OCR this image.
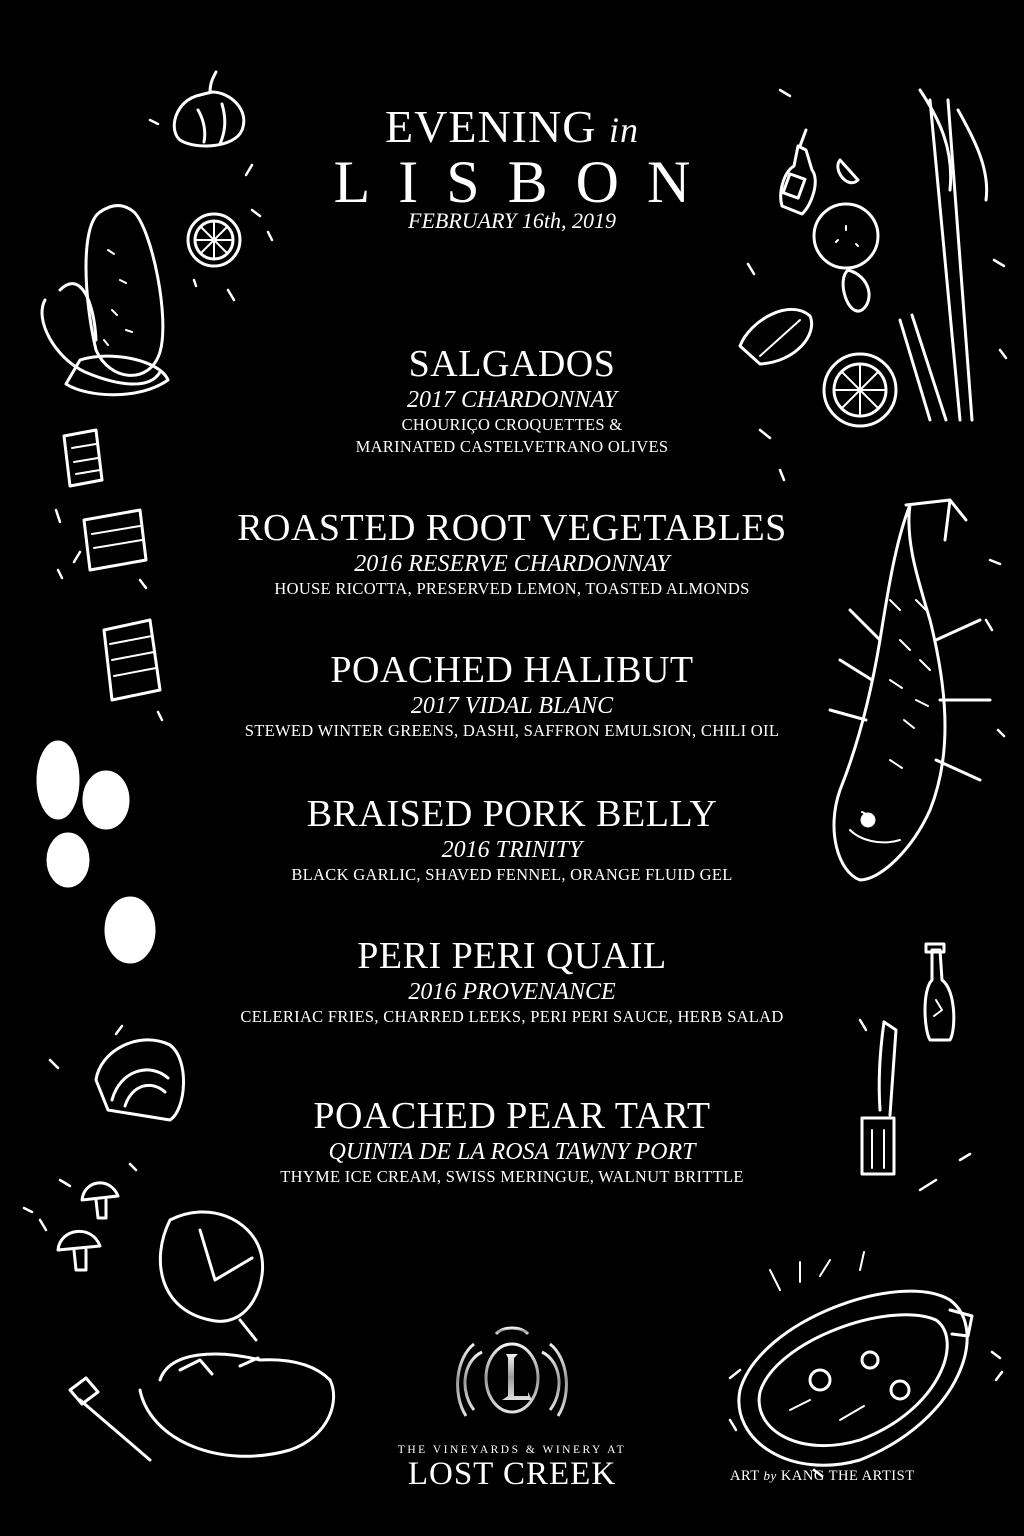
EVENING in
LISBON
FEBRUARY 16th, 2019
SALGADOS
2017 CHARDONNAY
CHOURIÇO CROQUETTES &
MARINATED CASTELVETRANO OLIVES
ROASTED ROOT VEGETABLES
2016 RESERVE CHARDONNAY
HOUSE RICOTTA, PRESERVED LEMON, TOASTED ALMONDS
POACHED HALIBUT
2017 VIDAL BLANC
STEWED WINTER GREENS, DASHI, SAFFRON EMULSION, CHILI OIL
BRAISED PORK BELLY
2016 TRINITY
BLACK GARLIC, SHAVED FENNEL, ORANGE FLUID GEL
PERI PERI QUAIL
2016 PROVENANCE
CELERIAC FRIES, CHARRED LEEKS, PERI PERI SAUCE, HERB SALAD
POACHED PEAR TART
QUINTA DE LA ROSA TAWNY PORT
THYME ICE CREAM, SWISS MERINGUE, WALNUT BRITTLE
THE VINEYARDS & WINERY AT
LOST CREEK	ART by KANG THE ARTIST
